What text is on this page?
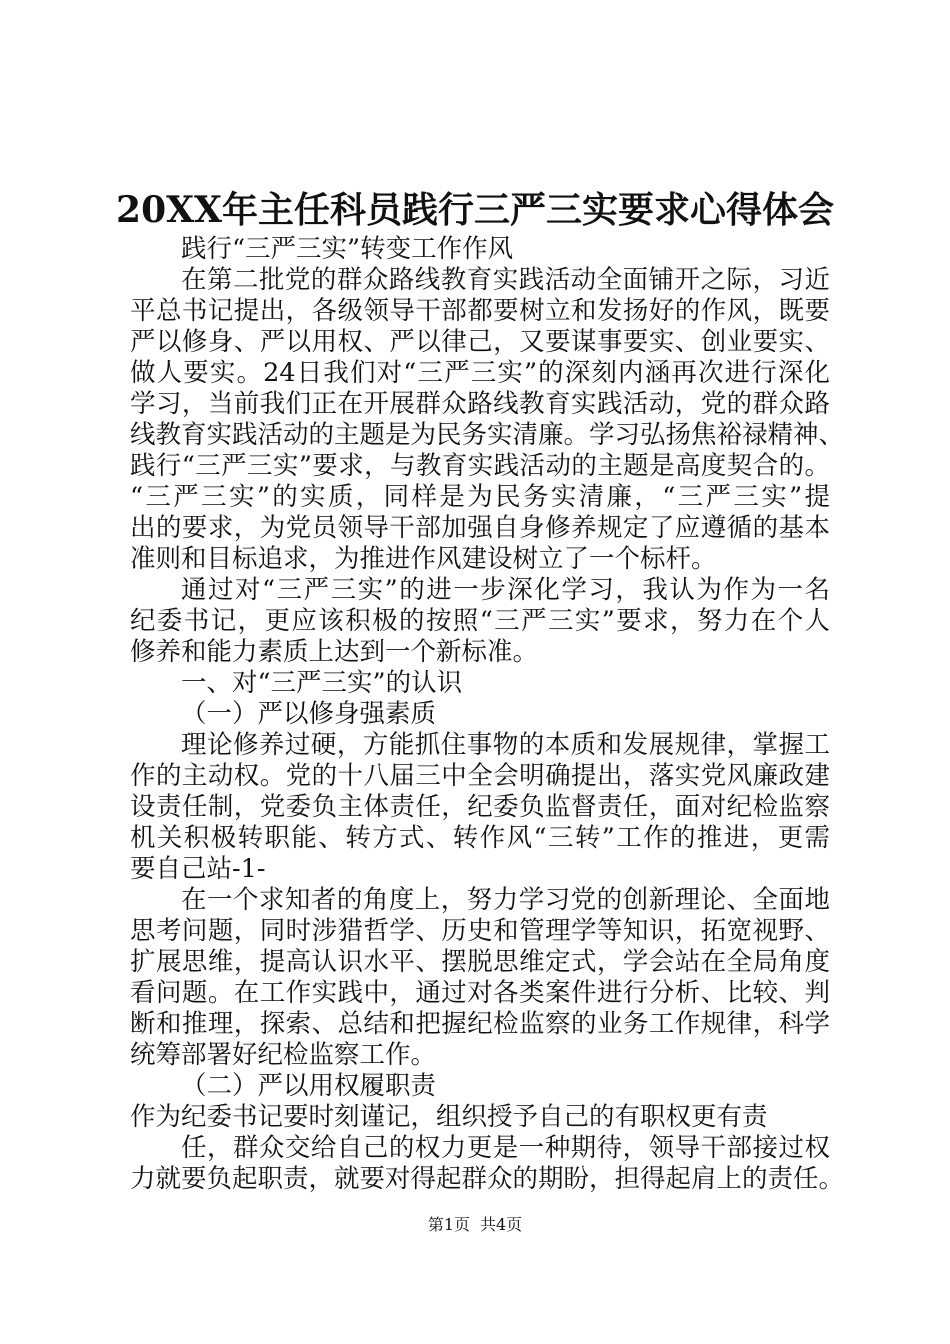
20XX年主任科员践行三严三实要求心得体会
践行“三严三实”转变工作作风
在第二批党的群众路线教育实践活动全面铺开之际，习近
平总书记提出，各级领导干部都要树立和发扬好的作风，既要
严以修身、严以用权、严以律己，又要谋事要实、创业要实、
做人要实。24日我们对“三严三实”的深刻内涵再次进行深化
学习，当前我们正在开展群众路线教育实践活动，党的群众路
线教育实践活动的主题是为民务实清廉。学习弘扬焦裕禄精神、
践行“三严三实”要求，与教育实践活动的主题是高度契合的。
“三严三实”的实质，同样是为民务实清廉，“三严三实”提
出的要求，为党员领导干部加强自身修养规定了应遵循的基本
准则和目标追求，为推进作风建设树立了一个标杆。
通过对“三严三实”的进一步深化学习，我认为作为一名
纪委书记，更应该积极的按照“三严三实”要求，努力在个人
修养和能力素质上达到一个新标准。
一、对“三严三实”的认识
（一）严以修身强素质
理论修养过硬，方能抓住事物的本质和发展规律，掌握工
作的主动权。党的十八届三中全会明确提出，落实党风廉政建
设责任制，党委负主体责任，纪委负监督责任，面对纪检监察
机关积极转职能、转方式、转作风“三转”工作的推进，更需
要自己站-1-
在一个求知者的角度上，努力学习党的创新理论、全面地
思考问题，同时涉猎哲学、历史和管理学等知识，拓宽视野、
扩展思维，提高认识水平、摆脱思维定式，学会站在全局角度
看问题。在工作实践中，通过对各类案件进行分析、比较、判
断和推理，探索、总结和把握纪检监察的业务工作规律，科学
统筹部署好纪检监察工作。
（二）严以用权履职责
作为纪委书记要时刻谨记，组织授予自己的有职权更有责
任，群众交给自己的权力更是一种期待，领导干部接过权
力就要负起职责，就要对得起群众的期盼，担得起肩上的责任。
第1页 共4页
